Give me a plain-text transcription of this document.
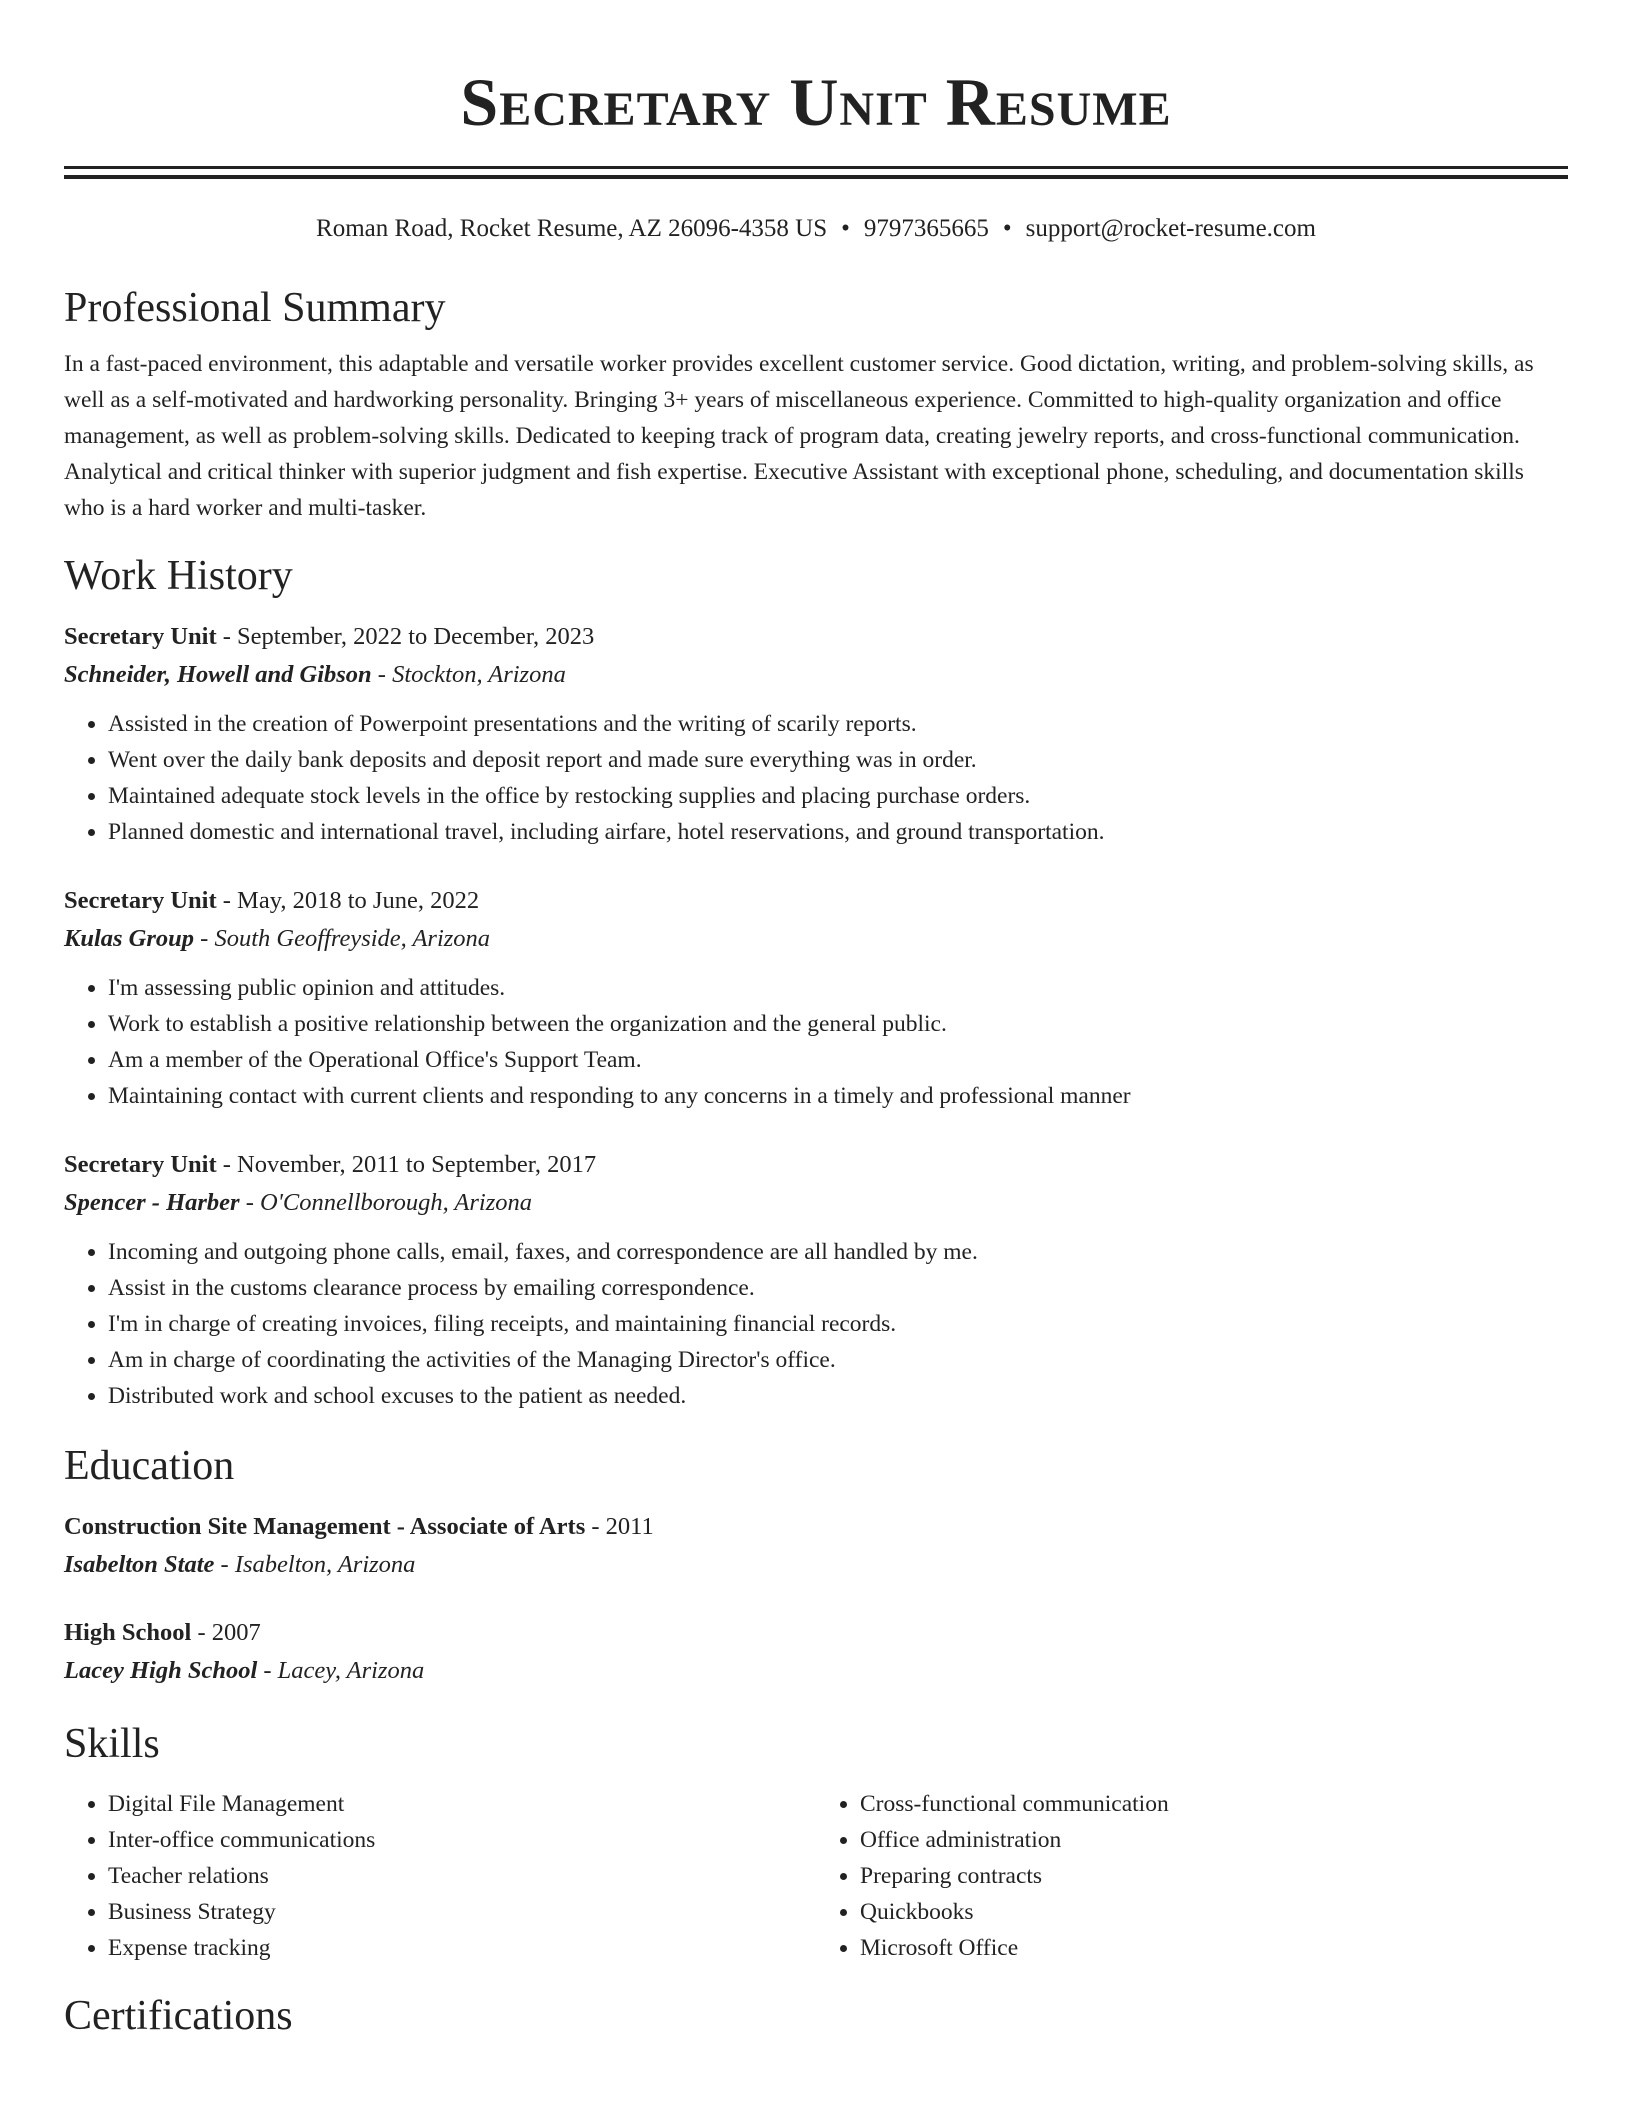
Secretary Unit Resume
Roman Road, Rocket Resume, AZ 26096-4358 US • 9797365665 • support@rocket-resume.com
Professional Summary
In a fast-paced environment, this adaptable and versatile worker provides excellent customer service. Good dictation, writing, and problem-solving skills, as well as a self-motivated and hardworking personality. Bringing 3+ years of miscellaneous experience. Committed to high-quality organization and office management, as well as problem-solving skills. Dedicated to keeping track of program data, creating jewelry reports, and cross-functional communication. Analytical and critical thinker with superior judgment and fish expertise. Executive Assistant with exceptional phone, scheduling, and documentation skills who is a hard worker and multi-tasker.
Work History
Secretary Unit - September, 2022 to December, 2023
Schneider, Howell and Gibson - Stockton, Arizona
• Assisted in the creation of Powerpoint presentations and the writing of scarily reports.
• Went over the daily bank deposits and deposit report and made sure everything was in order.
• Maintained adequate stock levels in the office by restocking supplies and placing purchase orders.
• Planned domestic and international travel, including airfare, hotel reservations, and ground transportation.
Secretary Unit - May, 2018 to June, 2022
Kulas Group - South Geoffreyside, Arizona
• I'm assessing public opinion and attitudes.
• Work to establish a positive relationship between the organization and the general public.
• Am a member of the Operational Office's Support Team.
• Maintaining contact with current clients and responding to any concerns in a timely and professional manner
Secretary Unit - November, 2011 to September, 2017
Spencer - Harber - O'Connellborough, Arizona
• Incoming and outgoing phone calls, email, faxes, and correspondence are all handled by me.
• Assist in the customs clearance process by emailing correspondence.
• I'm in charge of creating invoices, filing receipts, and maintaining financial records.
• Am in charge of coordinating the activities of the Managing Director's office.
• Distributed work and school excuses to the patient as needed.
Education
Construction Site Management - Associate of Arts - 2011
Isabelton State - Isabelton, Arizona
High School - 2007
Lacey High School - Lacey, Arizona
Skills
• Digital File Management
• Inter-office communications
• Teacher relations
• Business Strategy
• Expense tracking
• Cross-functional communication
• Office administration
• Preparing contracts
• Quickbooks
• Microsoft Office
Certifications
